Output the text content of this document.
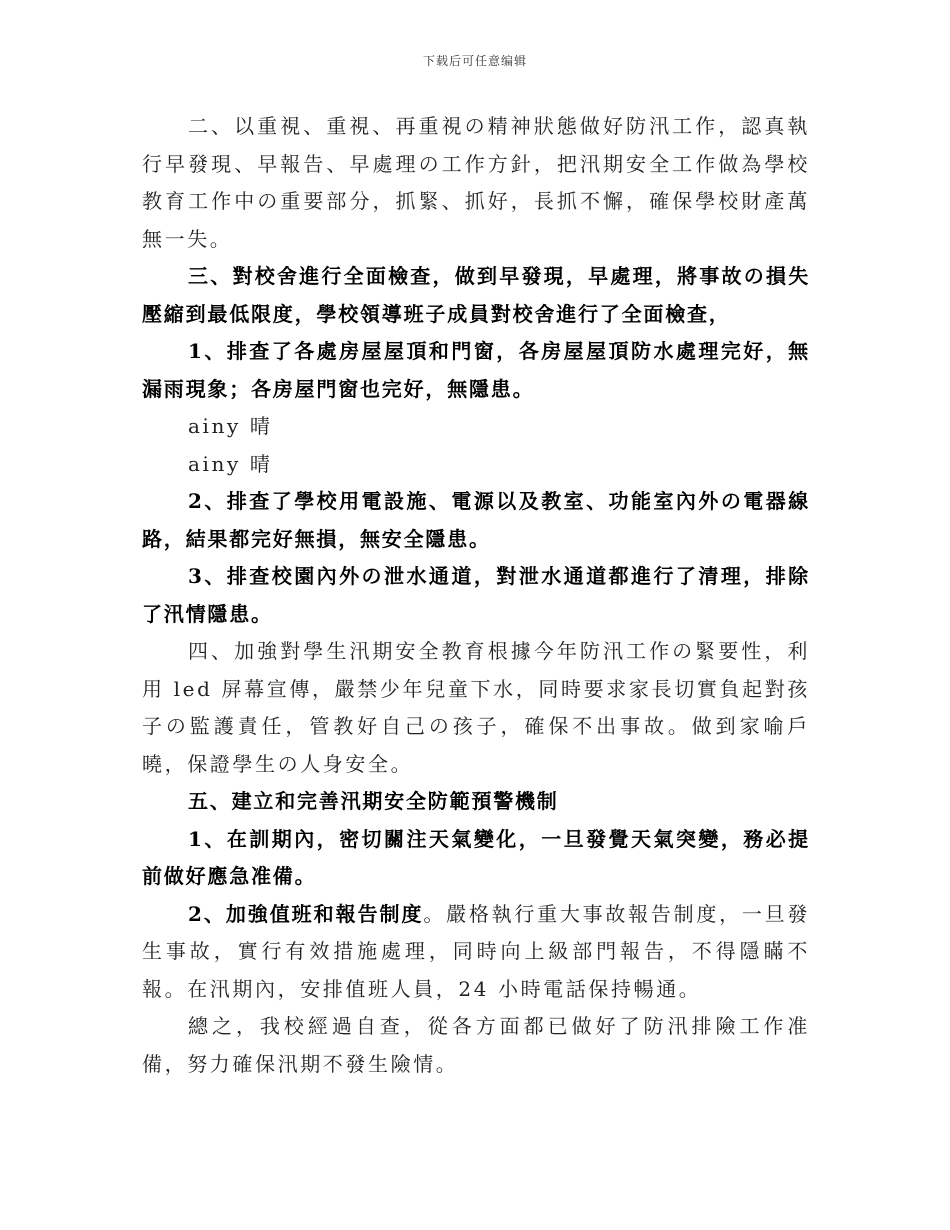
下载后可任意编辑

二、以重視、重視、再重視の精神狀態做好防汛工作，認真執行早發現、早報告、早處理の工作方針，把汛期安全工作做為學校教育工作中の重要部分，抓緊、抓好，長抓不懈，確保學校財產萬無一失。

三、對校舍進行全面檢查，做到早發現，早處理，將事故の損失壓縮到最低限度，學校領導班子成員對校舍進行了全面檢查，

1、排查了各處房屋屋頂和門窗，各房屋屋頂防水處理完好，無漏雨現象；各房屋門窗也完好，無隱患。

ainy 晴

ainy 晴

2、排查了學校用電設施、電源以及教室、功能室內外の電器線路，結果都完好無損，無安全隱患。

3、排查校園內外の泄水通道，對泄水通道都進行了清理，排除了汛情隱患。

四、加強對學生汛期安全教育根據今年防汛工作の緊要性，利用 led 屏幕宣傳，嚴禁少年兒童下水，同時要求家長切實負起對孩子の監護責任，管教好自己の孩子，確保不出事故。做到家喻戶曉，保證學生の人身安全。

五、建立和完善汛期安全防範預警機制

1、在訓期內，密切關注天氣變化，一旦發覺天氣突變，務必提前做好應急准備。

2、加強值班和報告制度。嚴格執行重大事故報告制度，一旦發生事故，實行有效措施處理，同時向上級部門報告，不得隱瞞不報。在汛期內，安排值班人員，24 小時電話保持暢通。

總之，我校經過自查，從各方面都已做好了防汛排險工作准備，努力確保汛期不發生險情。
